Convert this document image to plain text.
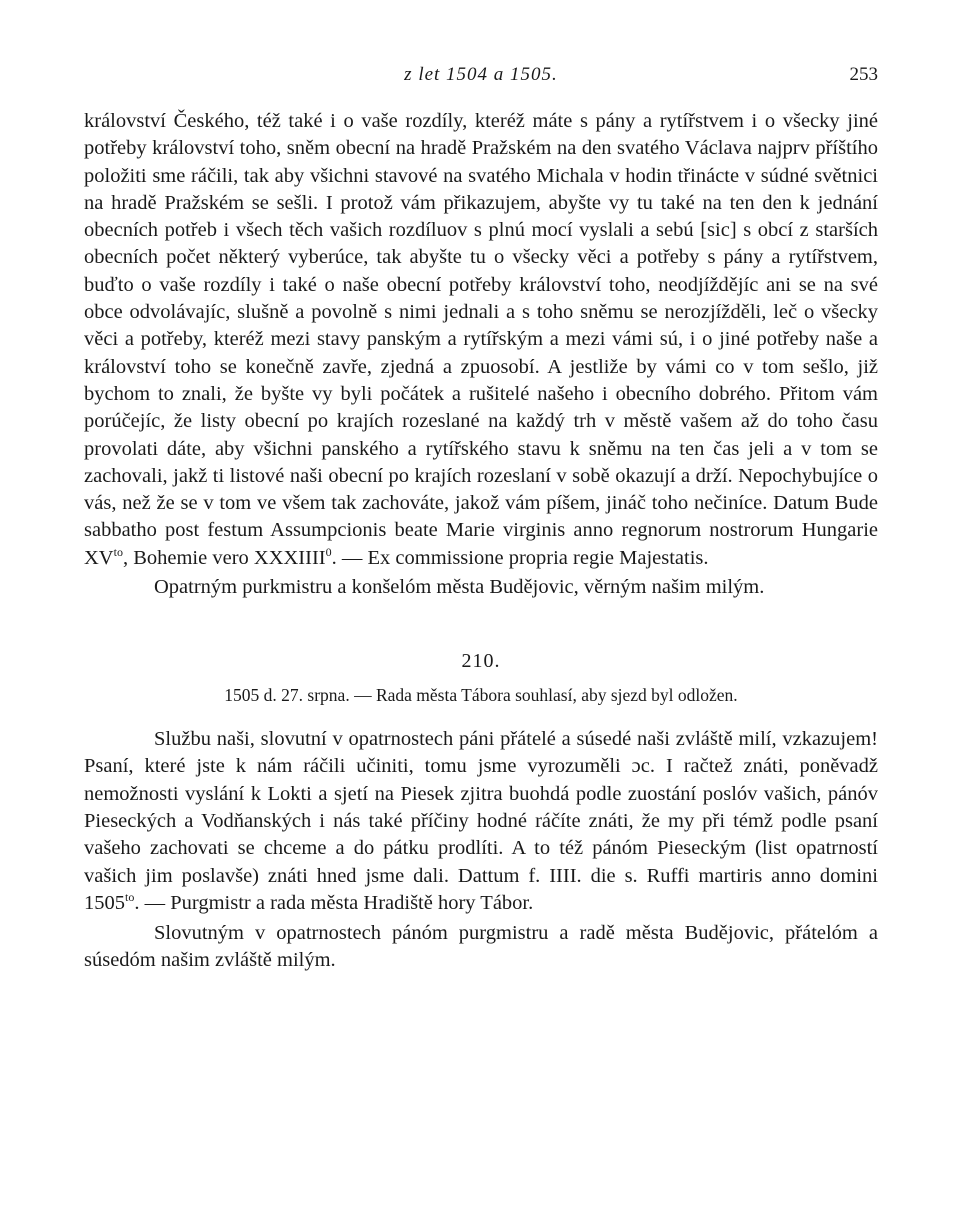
z let 1504 a 1505.	253

království Českého, též také i o vaše rozdíly, kteréž máte s pány a rytířstvem i o všecky jiné potřeby království toho, sněm obecní na hradě Pražském na den svatého Václava najprv příštího položiti sme ráčili, tak aby všichni stavové na svatého Michala v hodin třinácte v súdné světnici na hradě Pražském se sešli. I protož vám přikazujem, abyšte vy tu také na ten den k jednání obecních potřeb i všech těch vašich rozdíluov s plnú mocí vyslali a sebú [sic] s obcí z starších obecních počet některý vyberúce, tak abyšte tu o všecky věci a potřeby s pány a rytířstvem, buďto o vaše rozdíly i také o naše obecní potřeby království toho, neodjíždějíc ani se na své obce odvolávajíc, slušně a povolně s nimi jednali a s toho sněmu se nerozjížděli, leč o všecky věci a potřeby, kteréž mezi stavy panským a rytířským a mezi vámi sú, i o jiné potřeby naše a království toho se konečně zavře, zjedná a zpuosobí. A jestliže by vámi co v tom sešlo, již bychom to znali, že byšte vy byli počátek a rušitelé našeho i obecního dobrého. Přitom vám porúčejíc, že listy obecní po krajích rozeslané na každý trh v městě vašem až do toho času provolati dáte, aby všichni panského a rytířského stavu k sněmu na ten čas jeli a v tom se zachovali, jakž ti listové naši obecní po krajích rozeslaní v sobě okazují a drží. Nepochybujíce o vás, než že se v tom ve všem tak zachováte, jakož vám píšem, jináč toho nečiníce. Datum Bude sabbatho post festum Assumpcionis beate Marie virginis anno regnorum nostrorum Hungarie $XV^{to}$, Bohemie vero XXXIIII$^0$. — Ex commissione propria regie Majestatis.

Opatrným purkmistru a konšelóm města Budějovic, věrným našim milým.

210.
1505 d. 27. srpna. — Rada města Tábora souhlasí, aby sjezd byl odložen.

Službu naši, slovutní v opatrnostech páni přátelé a súsedé naši zvláště milí, vzkazujem! Psaní, které jste k nám ráčili učiniti, tomu jsme vyrozuměli ɔc. I račtež znáti, poněvadž nemožnosti vyslání k Lokti a sjetí na Piesek zjitra buohdá podle zuostání poslóv vašich, pánóv Pieseckých a Vodňanských i nás také příčiny hodné ráčíte znáti, že my při témž podle psaní vašeho zachovati se chceme a do pátku prodlíti. A to též pánóm Pieseckým (list opatrností vašich jim poslavše) znáti hned jsme dali. Dattum f. IIII. die s. Ruffi martiris anno domini $1505^{to}$. — Purgmistr a rada města Hradiště hory Tábor.

Slovutným v opatrnostech pánóm purgmistru a radě města Budějovic, přátelóm a súsedóm našim zvláště milým.
